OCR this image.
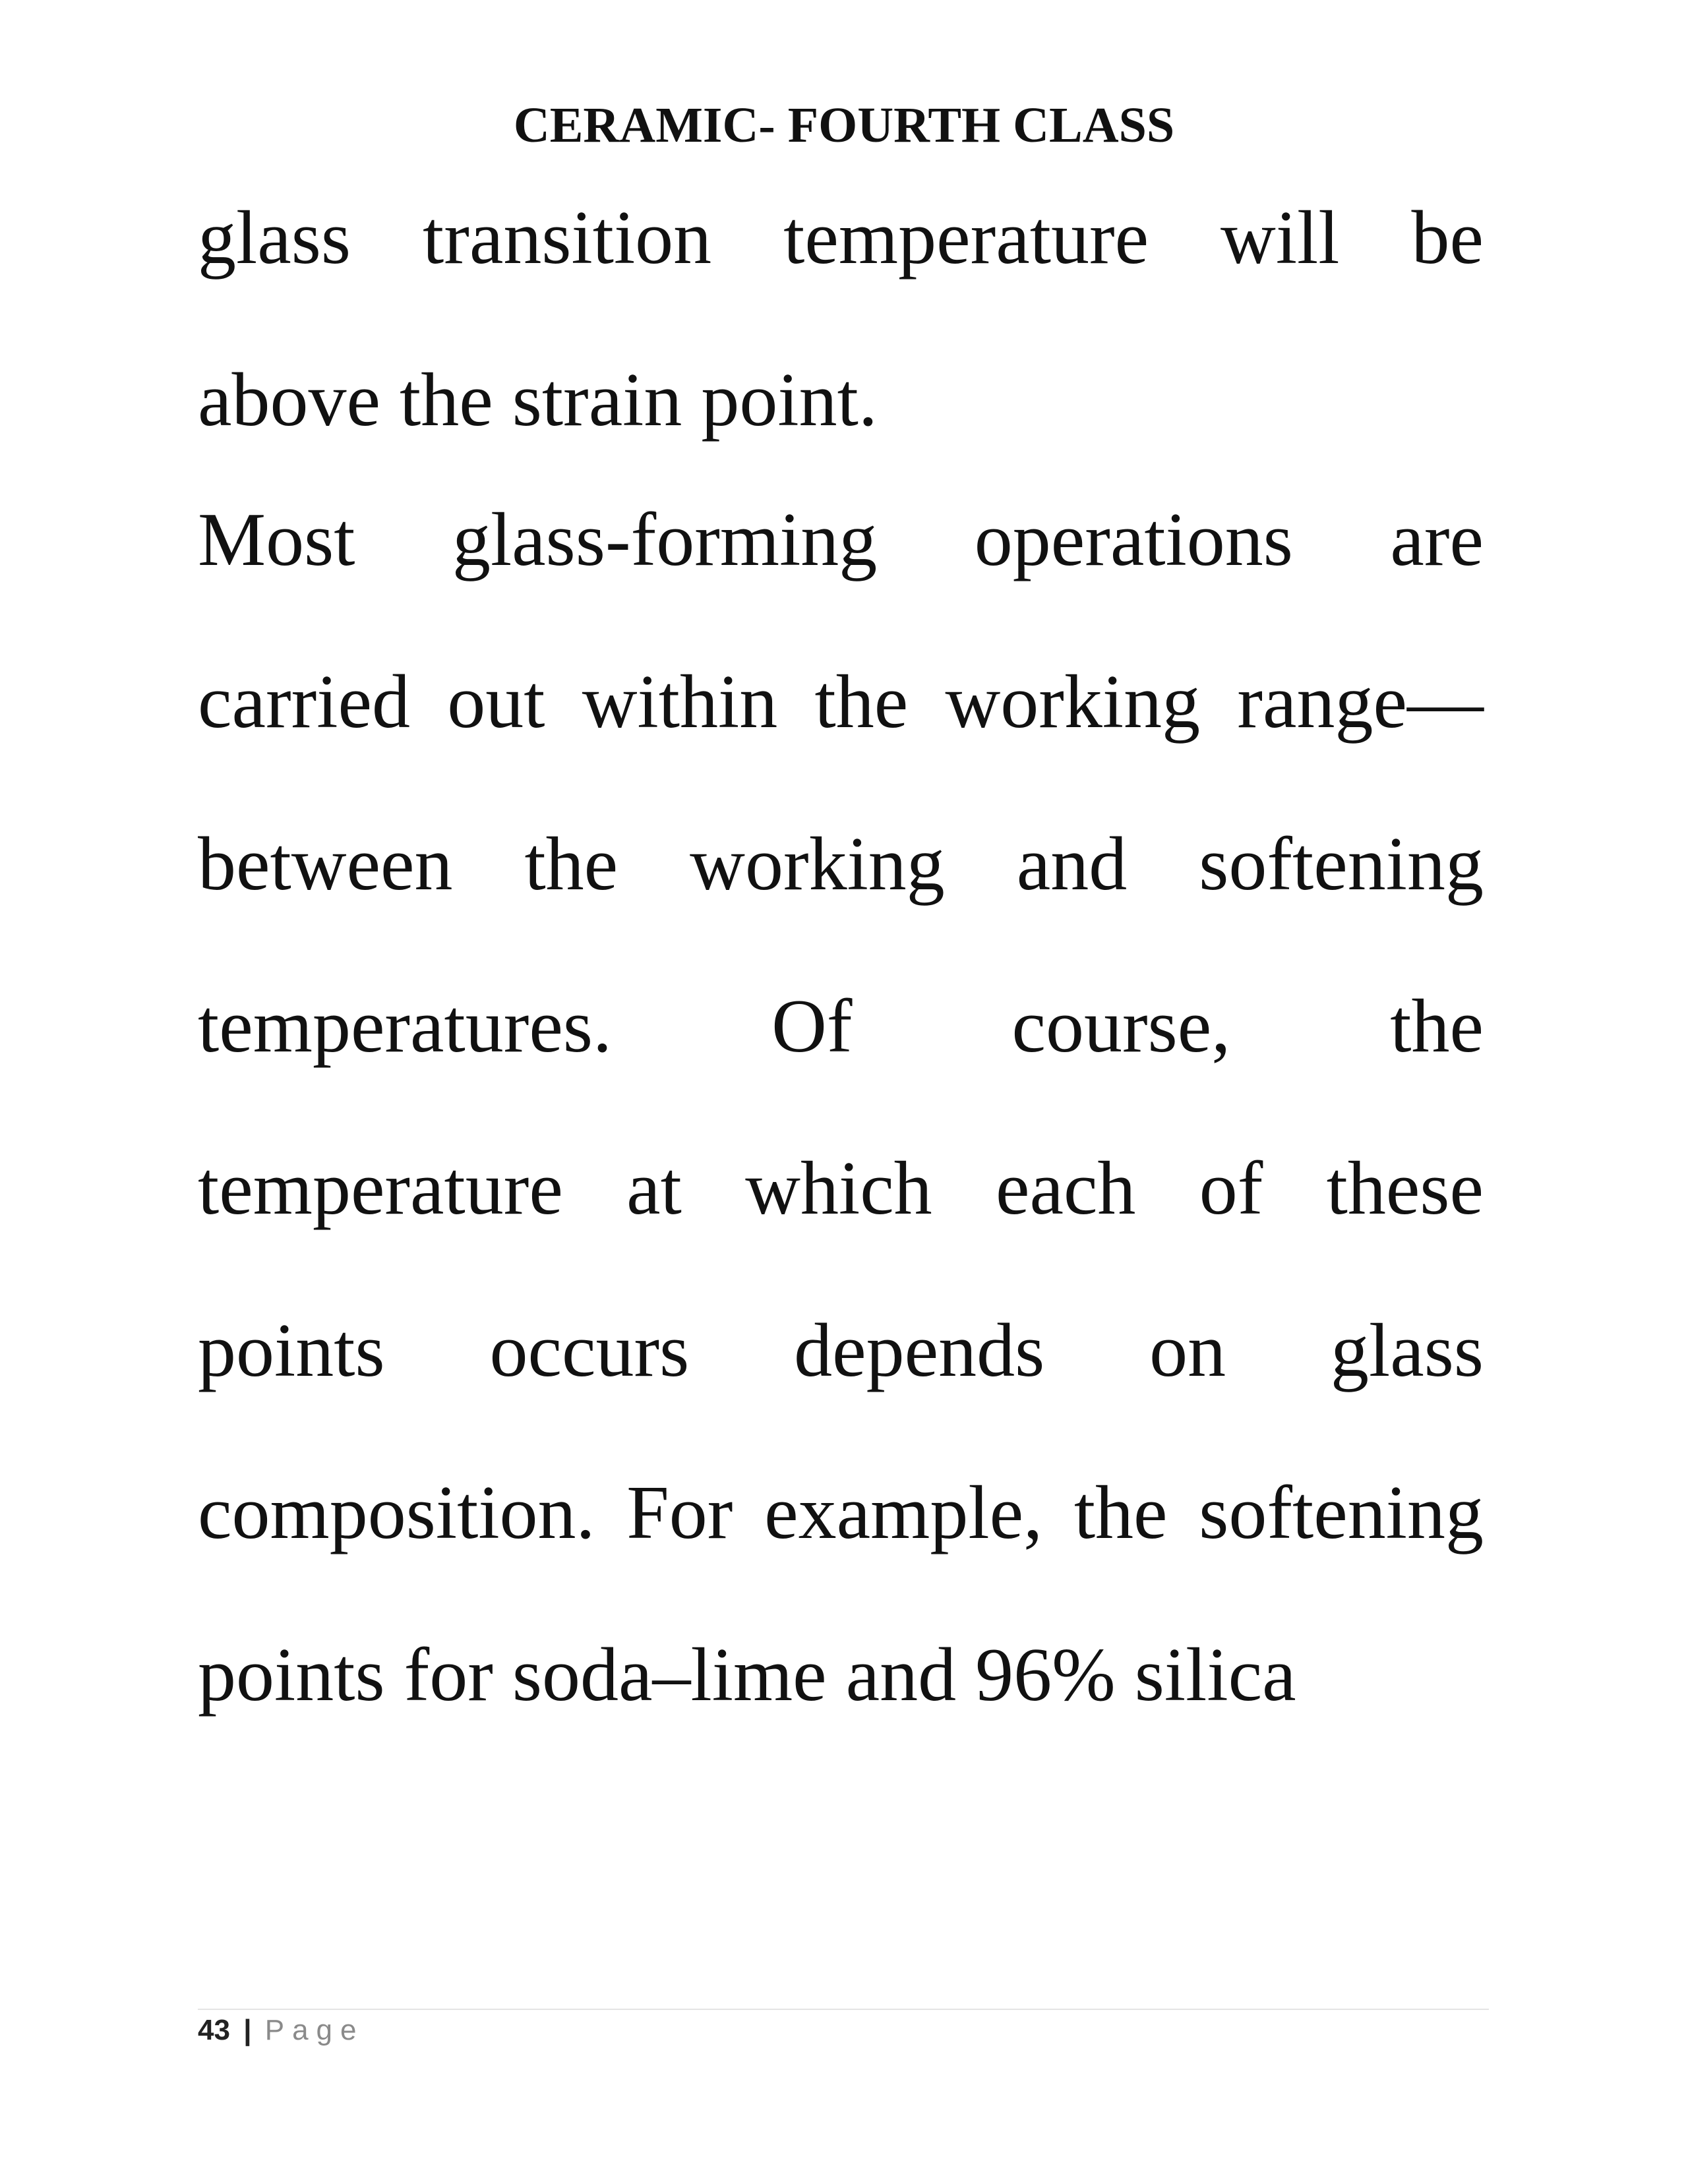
CERAMIC- FOURTH CLASS
glass transition temperature will be
above the strain point.
Most glass-forming operations are
carried out within the working range—
between the working and softening
temperatures. Of course, the
temperature at which each of these
points occurs depends on glass
composition. For example, the softening
points for soda–lime and 96% silica
43 | Page
